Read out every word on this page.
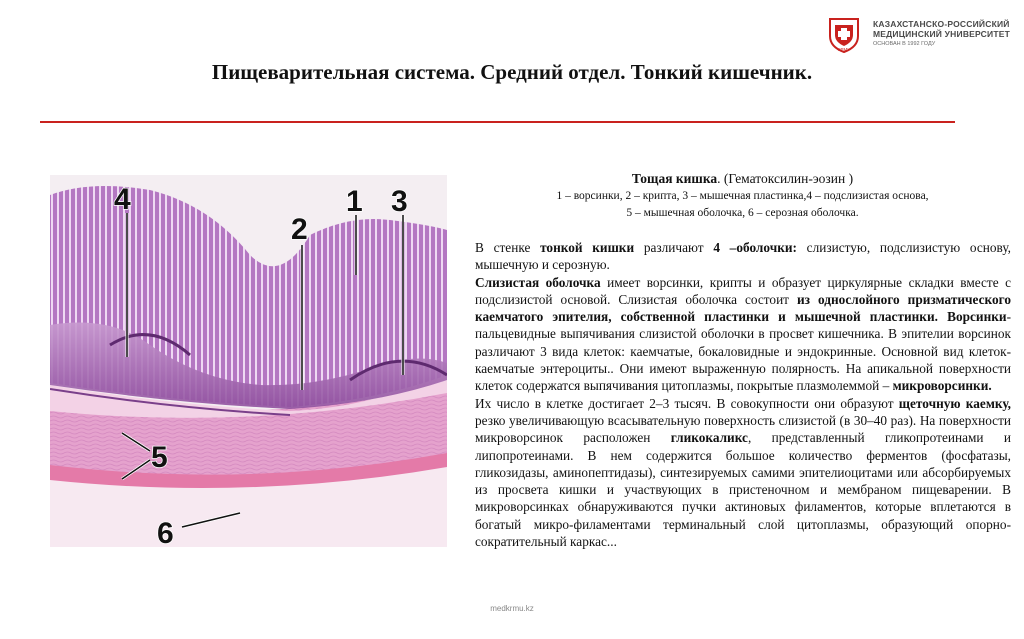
КРМУ
КАЗАХСТАНСКО-РОССИЙСКИЙ
МЕДИЦИНСКИЙ УНИВЕРСИТЕТ
ОСНОВАН В 1992 ГОДУ
Пищеварительная система. Средний отдел. Тонкий кишечник.
4
2
1 3
5
6
Тощая кишка. (Гематоксилин-эозин )
1 – ворсинки, 2 – крипта, 3 – мышечная пластинка,4 – подслизистая основа,
5 – мышечная оболочка, 6 – серозная оболочка.

В стенке тонкой кишки различают 4 –оболочки: слизистую, подслизистую основу, мышечную и серозную.

Слизистая оболочка имеет ворсинки, крипты и образует циркулярные складки вместе с подслизистой основой. Слизистая оболочка состоит из однослойного призматического каемчатого эпителия, собственной пластинки и мышечной пластинки. Ворсинки-пальцевидные выпячивания слизистой оболочки в просвет кишечника. В эпителии ворсинок различают 3 вида клеток: каемчатые, бокаловидные и эндокринные. Основной вид клеток- каемчатые энтероциты.. Они имеют выраженную полярность. На апикальной поверхности клеток содержатся выпячивания цитоплазмы, покрытые плазмолеммой – микроворсинки.

Их число в клетке достигает 2–3 тысяч. В совокупности они образуют щеточную каемку, резко увеличивающую всасывательную поверхность слизистой (в 30–40 раз). На поверхности микроворсинок расположен гликокаликс, представленный гликопротеинами и липопротеинами. В нем содержится большое количество ферментов (фосфатазы, гликозидазы, аминопептидазы), синтезируемых самими эпителиоцитами или абсорбируемых из просвета кишки и участвующих в пристеночном и мембраном пищеварении. В микроворсинках обнаруживаются пучки актиновых филаментов, которые вплетаются в богатый микро-филаментами терминальный слой цитоплазмы, образующий опорно-сократительный каркас...

medkrmu.kz
